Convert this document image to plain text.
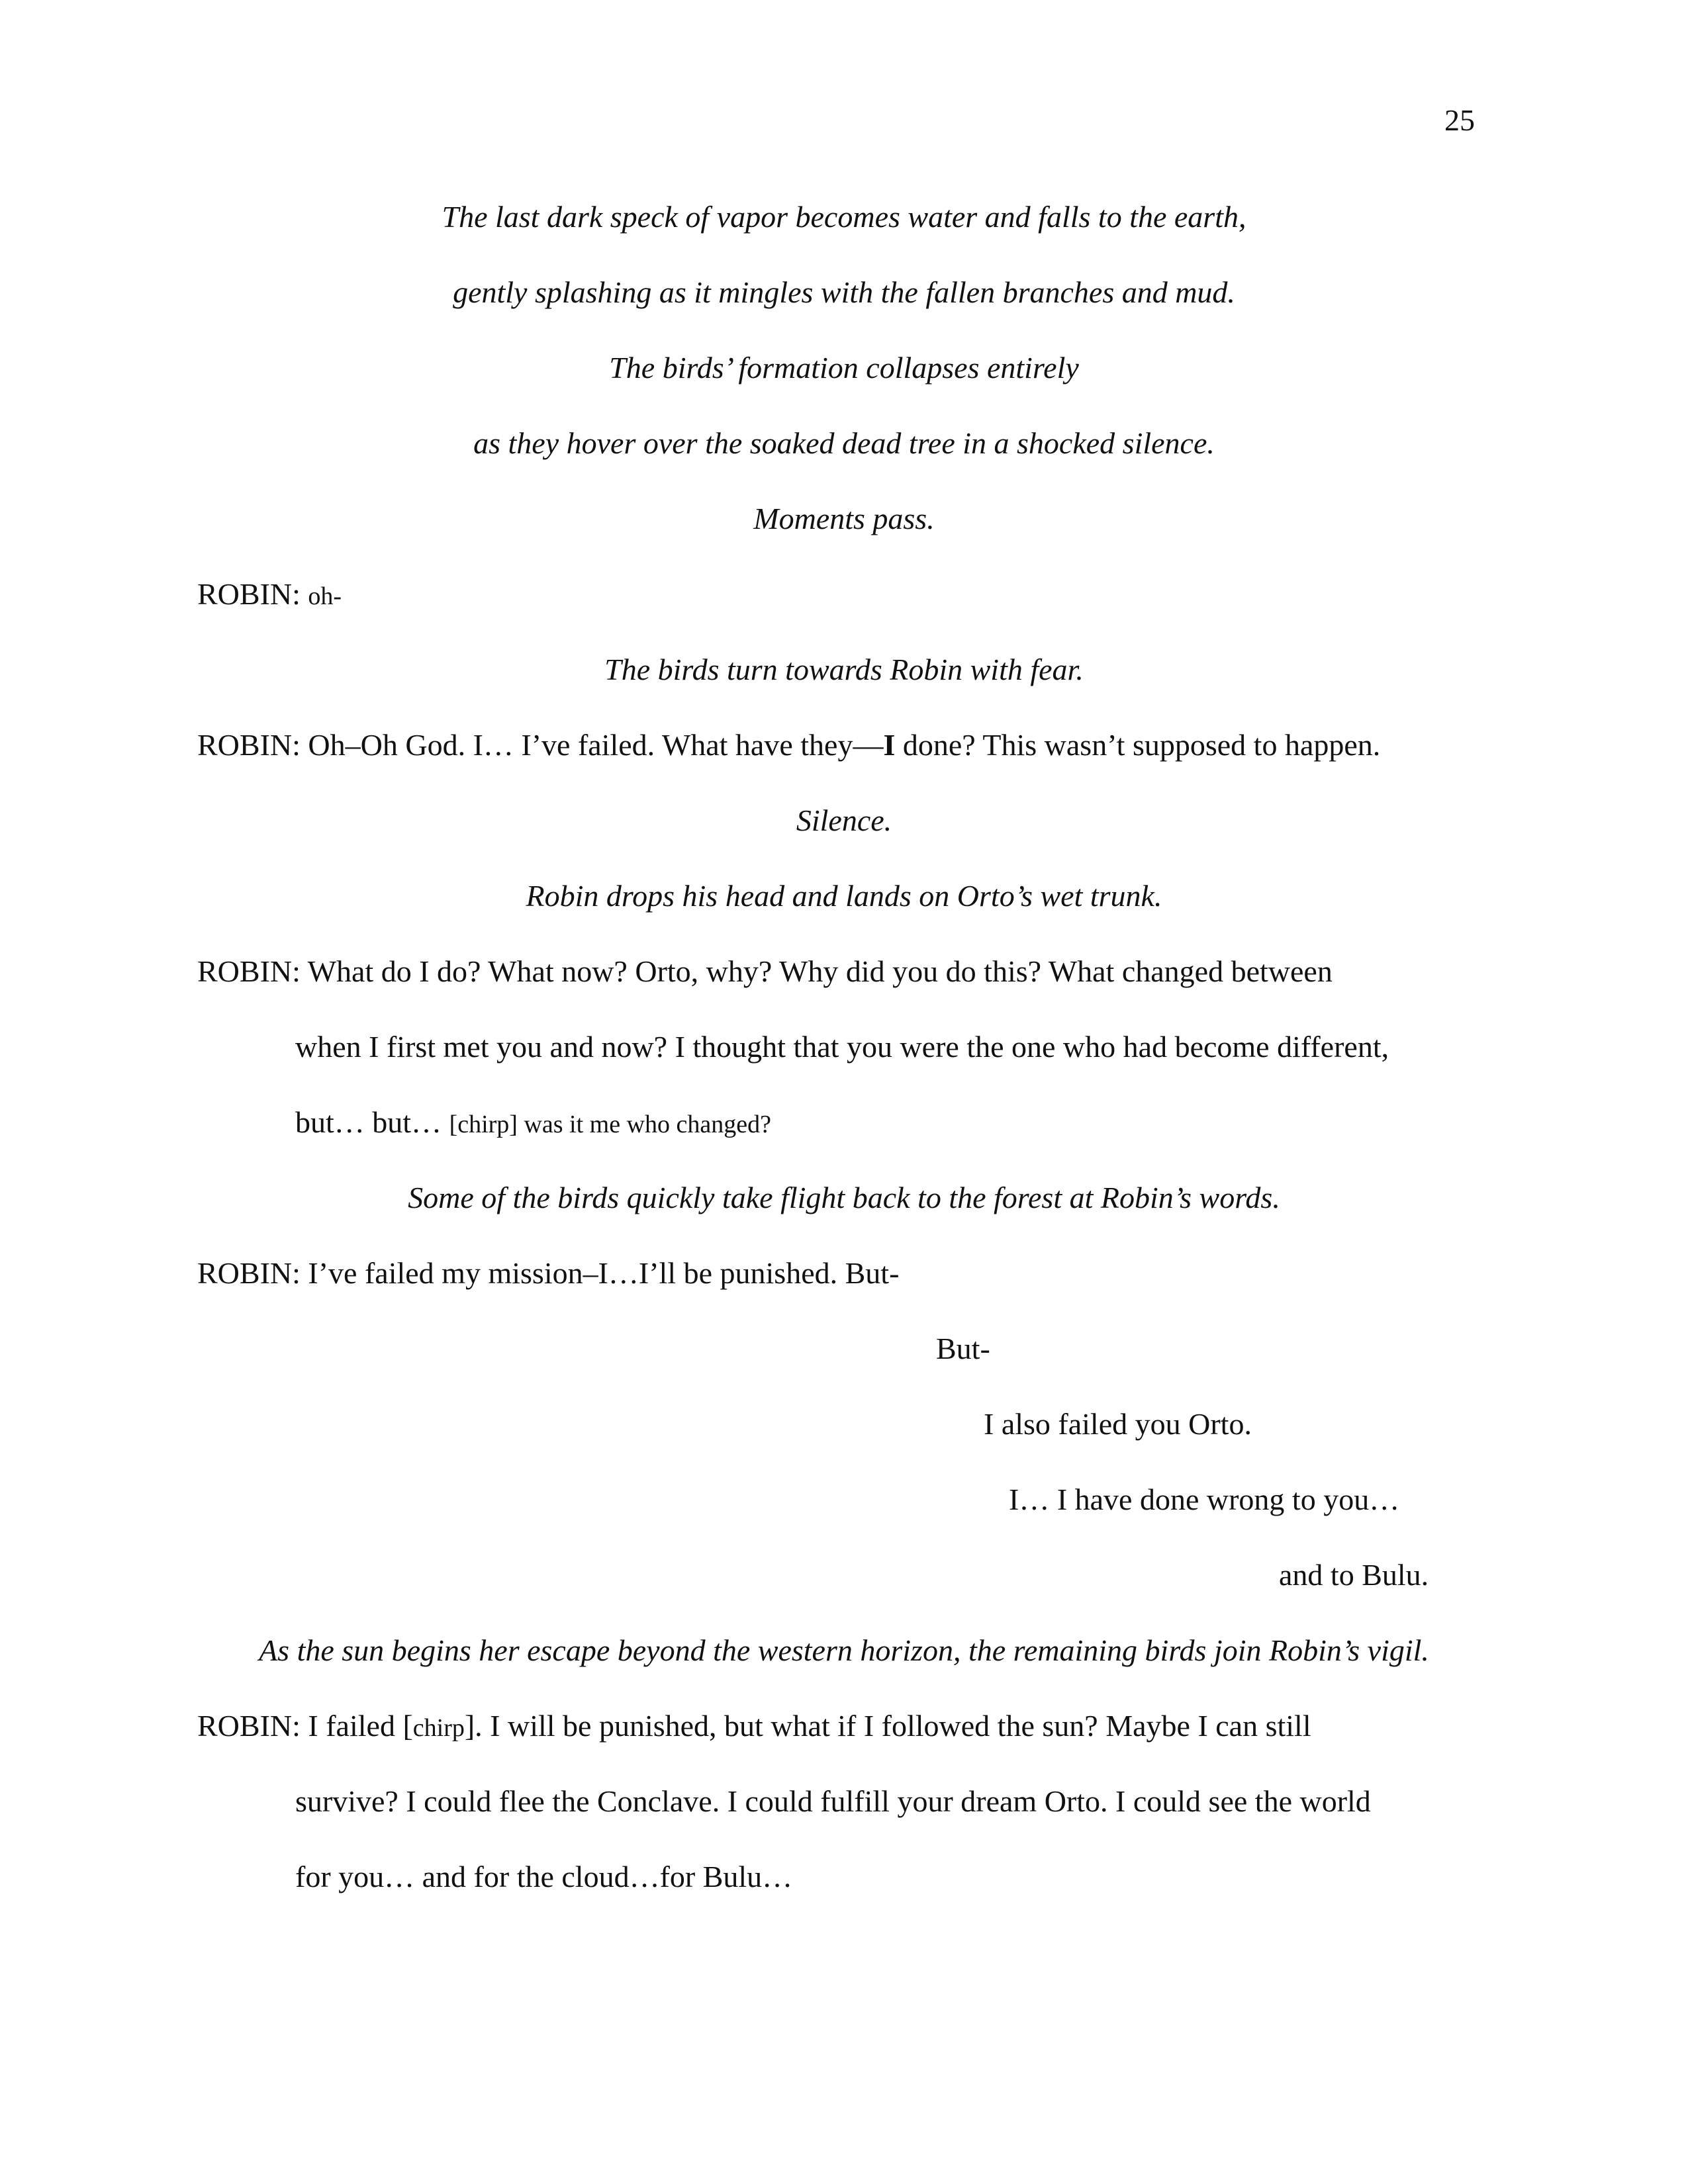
25
The last dark speck of vapor becomes water and falls to the earth,
gently splashing as it mingles with the fallen branches and mud.
The birds’ formation collapses entirely
as they hover over the soaked dead tree in a shocked silence.
Moments pass.
ROBIN: oh-
The birds turn towards Robin with fear.
ROBIN: Oh–Oh God. I… I’ve failed. What have they—I done? This wasn’t supposed to happen.
Silence.
Robin drops his head and lands on Orto’s wet trunk.
ROBIN: What do I do? What now? Orto, why? Why did you do this? What changed between
when I first met you and now? I thought that you were the one who had become different,
but… but… [chirp] was it me who changed?
Some of the birds quickly take flight back to the forest at Robin’s words.
ROBIN: I’ve failed my mission–I…I’ll be punished. But-
But-
I also failed you Orto.
I… I have done wrong to you…
and to Bulu.
As the sun begins her escape beyond the western horizon, the remaining birds join Robin’s vigil.
ROBIN: I failed [chirp]. I will be punished, but what if I followed the sun? Maybe I can still
survive? I could flee the Conclave. I could fulfill your dream Orto. I could see the world
for you… and for the cloud…for Bulu…
